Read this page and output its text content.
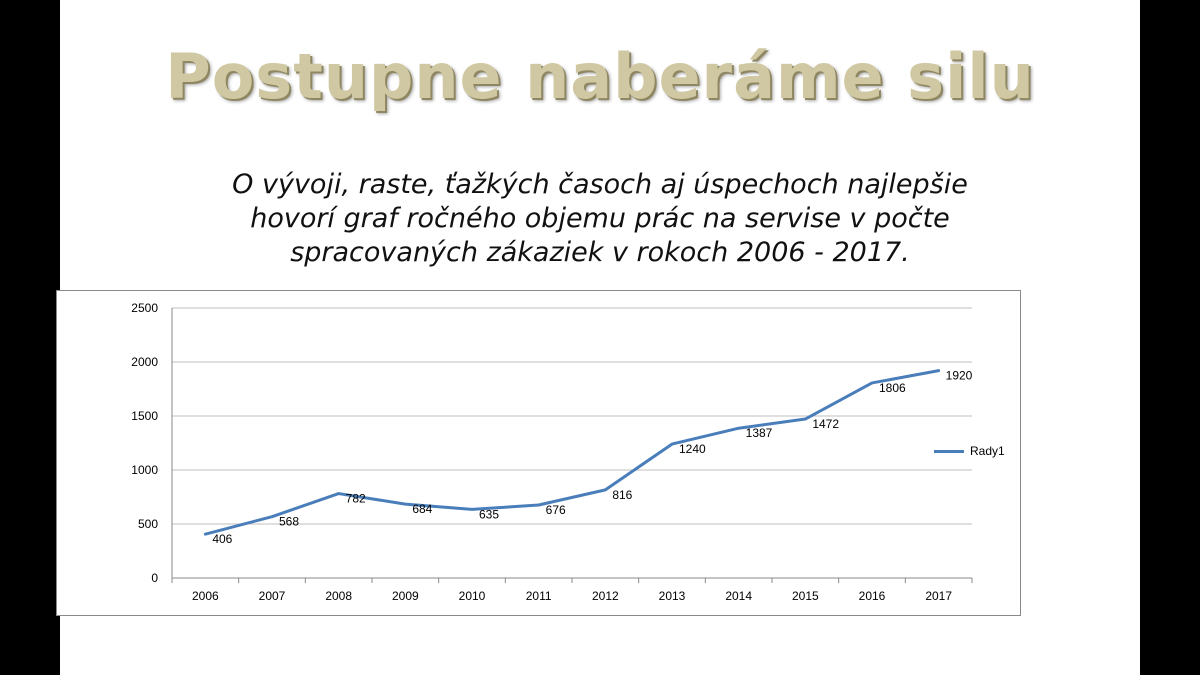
Postupne naberáme silu
O vývoji, raste, ťažkých časoch aj úspechoch najlepšie
hovorí graf ročného objemu prác na servise v počte
spracovaných zákaziek v rokoch 2006 - 2017.
0
500
1000
1500
2000
2500
2006	2007	2008	2009	2010	2011	2012	2013	2014	2015	2016	2017
406
568
782
684	635	676
816
1240
1387
1472
1806
1920
Rady1
